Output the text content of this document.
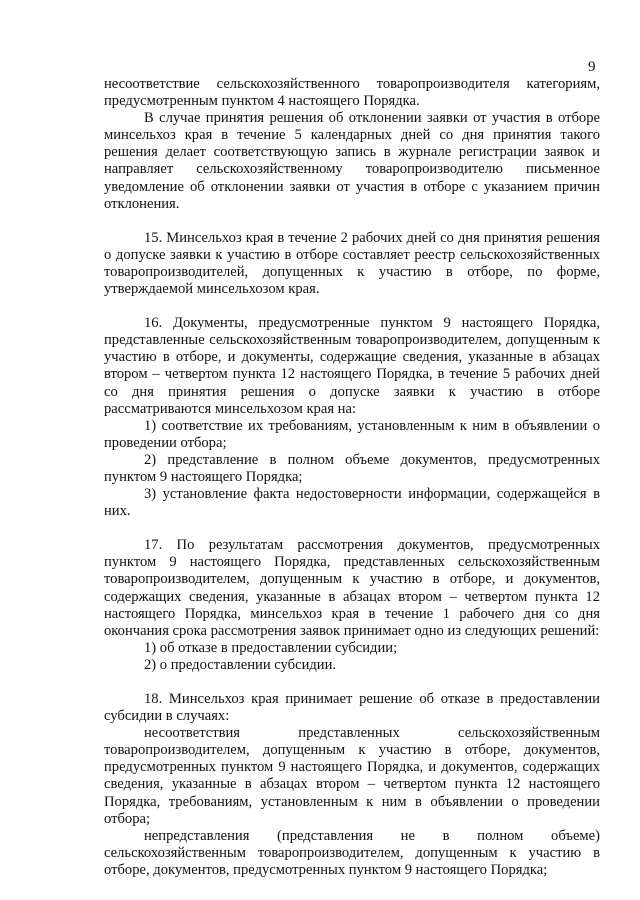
9

несоответствие сельскохозяйственного товаропроизводителя категориям, предусмотренным пунктом 4 настоящего Порядка.

В случае принятия решения об отклонении заявки от участия в отборе минсельхоз края в течение 5 календарных дней со дня принятия такого решения делает соответствующую запись в журнале регистрации заявок и направляет сельскохозяйственному товаропроизводителю письменное уведомление об отклонении заявки от участия в отборе с указанием причин отклонения.

15. Минсельхоз края в течение 2 рабочих дней со дня принятия решения о допуске заявки к участию в отборе составляет реестр сельскохозяйственных товаропроизводителей, допущенных к участию в отборе, по форме, утверждаемой минсельхозом края.

16. Документы, предусмотренные пунктом 9 настоящего Порядка, представленные сельскохозяйственным товаропроизводителем, допущенным к участию в отборе, и документы, содержащие сведения, указанные в абзацах втором – четвертом пункта 12 настоящего Порядка, в течение 5 рабочих дней со дня принятия решения о допуске заявки к участию в отборе рассматриваются минсельхозом края на:

1) соответствие их требованиям, установленным к ним в объявлении о проведении отбора;

2) представление в полном объеме документов, предусмотренных пунктом 9 настоящего Порядка;

3) установление факта недостоверности информации, содержащейся в них.

17. По результатам рассмотрения документов, предусмотренных пунктом 9 настоящего Порядка, представленных сельскохозяйственным товаропроизводителем, допущенным к участию в отборе, и документов, содержащих сведения, указанные в абзацах втором – четвертом пункта 12 настоящего Порядка, минсельхоз края в течение 1 рабочего дня со дня окончания срока рассмотрения заявок принимает одно из следующих решений:

1) об отказе в предоставлении субсидии;

2) о предоставлении субсидии.

18. Минсельхоз края принимает решение об отказе в предоставлении субсидии в случаях:

несоответствия представленных сельскохозяйственным товаропроизводителем, допущенным к участию в отборе, документов, предусмотренных пунктом 9 настоящего Порядка, и документов, содержащих сведения, указанные в абзацах втором – четвертом пункта 12 настоящего Порядка, требованиям, установленным к ним в объявлении о проведении отбора;

непредставления (представления не в полном объеме) сельскохозяйственным товаропроизводителем, допущенным к участию в отборе, документов, предусмотренных пунктом 9 настоящего Порядка;
